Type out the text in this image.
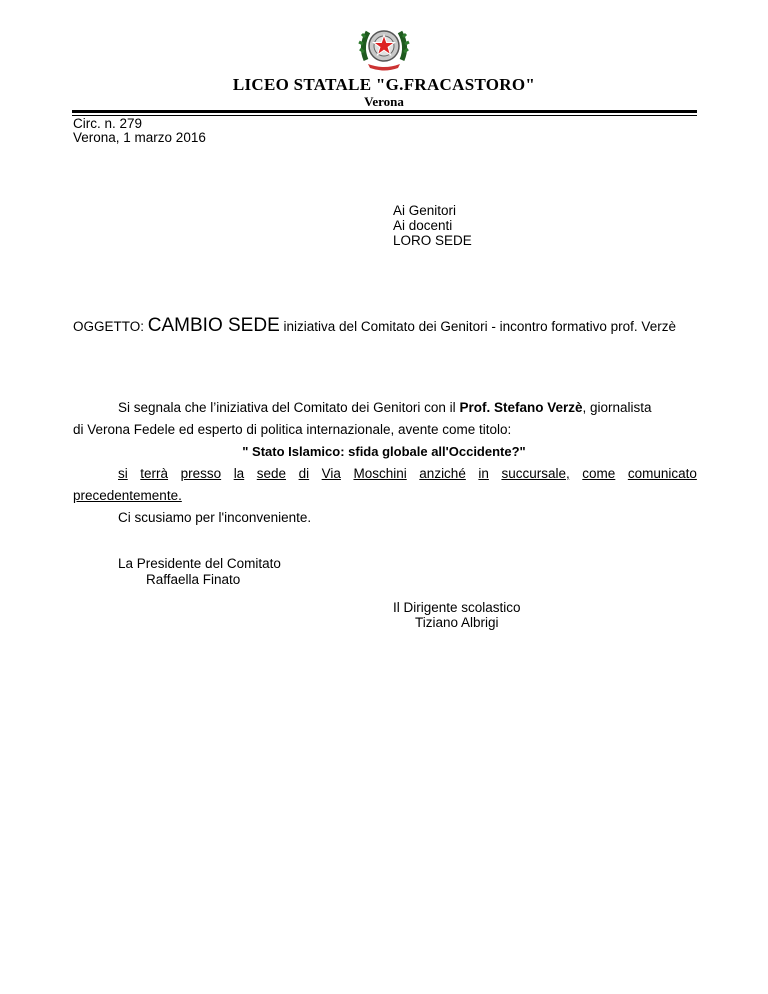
LICEO STATALE "G.FRACASTORO"
Verona
Circ. n. 279
Verona, 1 marzo 2016
Ai Genitori
Ai docenti
LORO SEDE
OGGETTO: CAMBIO SEDE iniziativa del Comitato dei Genitori - incontro formativo prof. Verzè
Si segnala che l’iniziativa del Comitato dei Genitori con il Prof. Stefano Verzè, giornalista
di Verona Fedele ed esperto di politica internazionale, avente come titolo:
" Stato Islamico: sfida globale all'Occidente?"
si terrà presso la sede di Via Moschini anziché in succursale, come comunicato
precedentemente.
Ci scusiamo per l'inconveniente.
La Presidente del Comitato
Raffaella Finato
Il Dirigente scolastico
Tiziano Albrigi
